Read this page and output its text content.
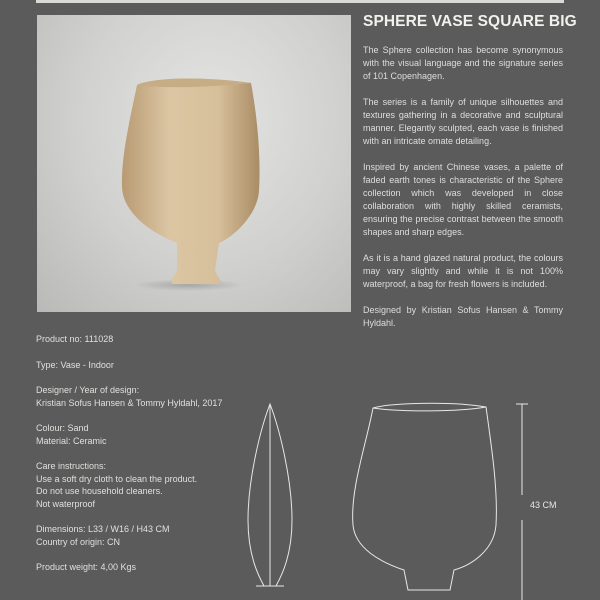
SPHERE VASE SQUARE BIG

The Sphere collection has become synonymous with the visual language and the signature series of 101 Copenhagen.

The series is a family of unique silhouettes and textures gathering in a decorative and sculptural manner. Elegantly sculpted, each vase is finished with an intricate omate detailing.

Inspired by ancient Chinese vases, a palette of faded earth tones is characteristic of the Sphere collection which was developed in close collaboration with highly skilled ceramists, ensuring the precise contrast between the smooth shapes and sharp edges.

As it is a hand glazed natural product, the colours may vary slightly and while it is not 100% waterproof, a bag for fresh flowers is included.

Designed by Kristian Sofus Hansen & Tommy Hyldahl.

Product no: 111028
Type: Vase - Indoor
Designer / Year of design:
Kristian Sofus Hansen & Tommy Hyldahl, 2017
Colour: Sand
Material: Ceramic
Care instructions:
Use a soft dry cloth to clean the product.
Do not use household cleaners.
Not waterproof
Dimensions: L33 / W16 / H43 CM
Country of origin: CN
Product weight: 4,00 Kgs
43 CM
